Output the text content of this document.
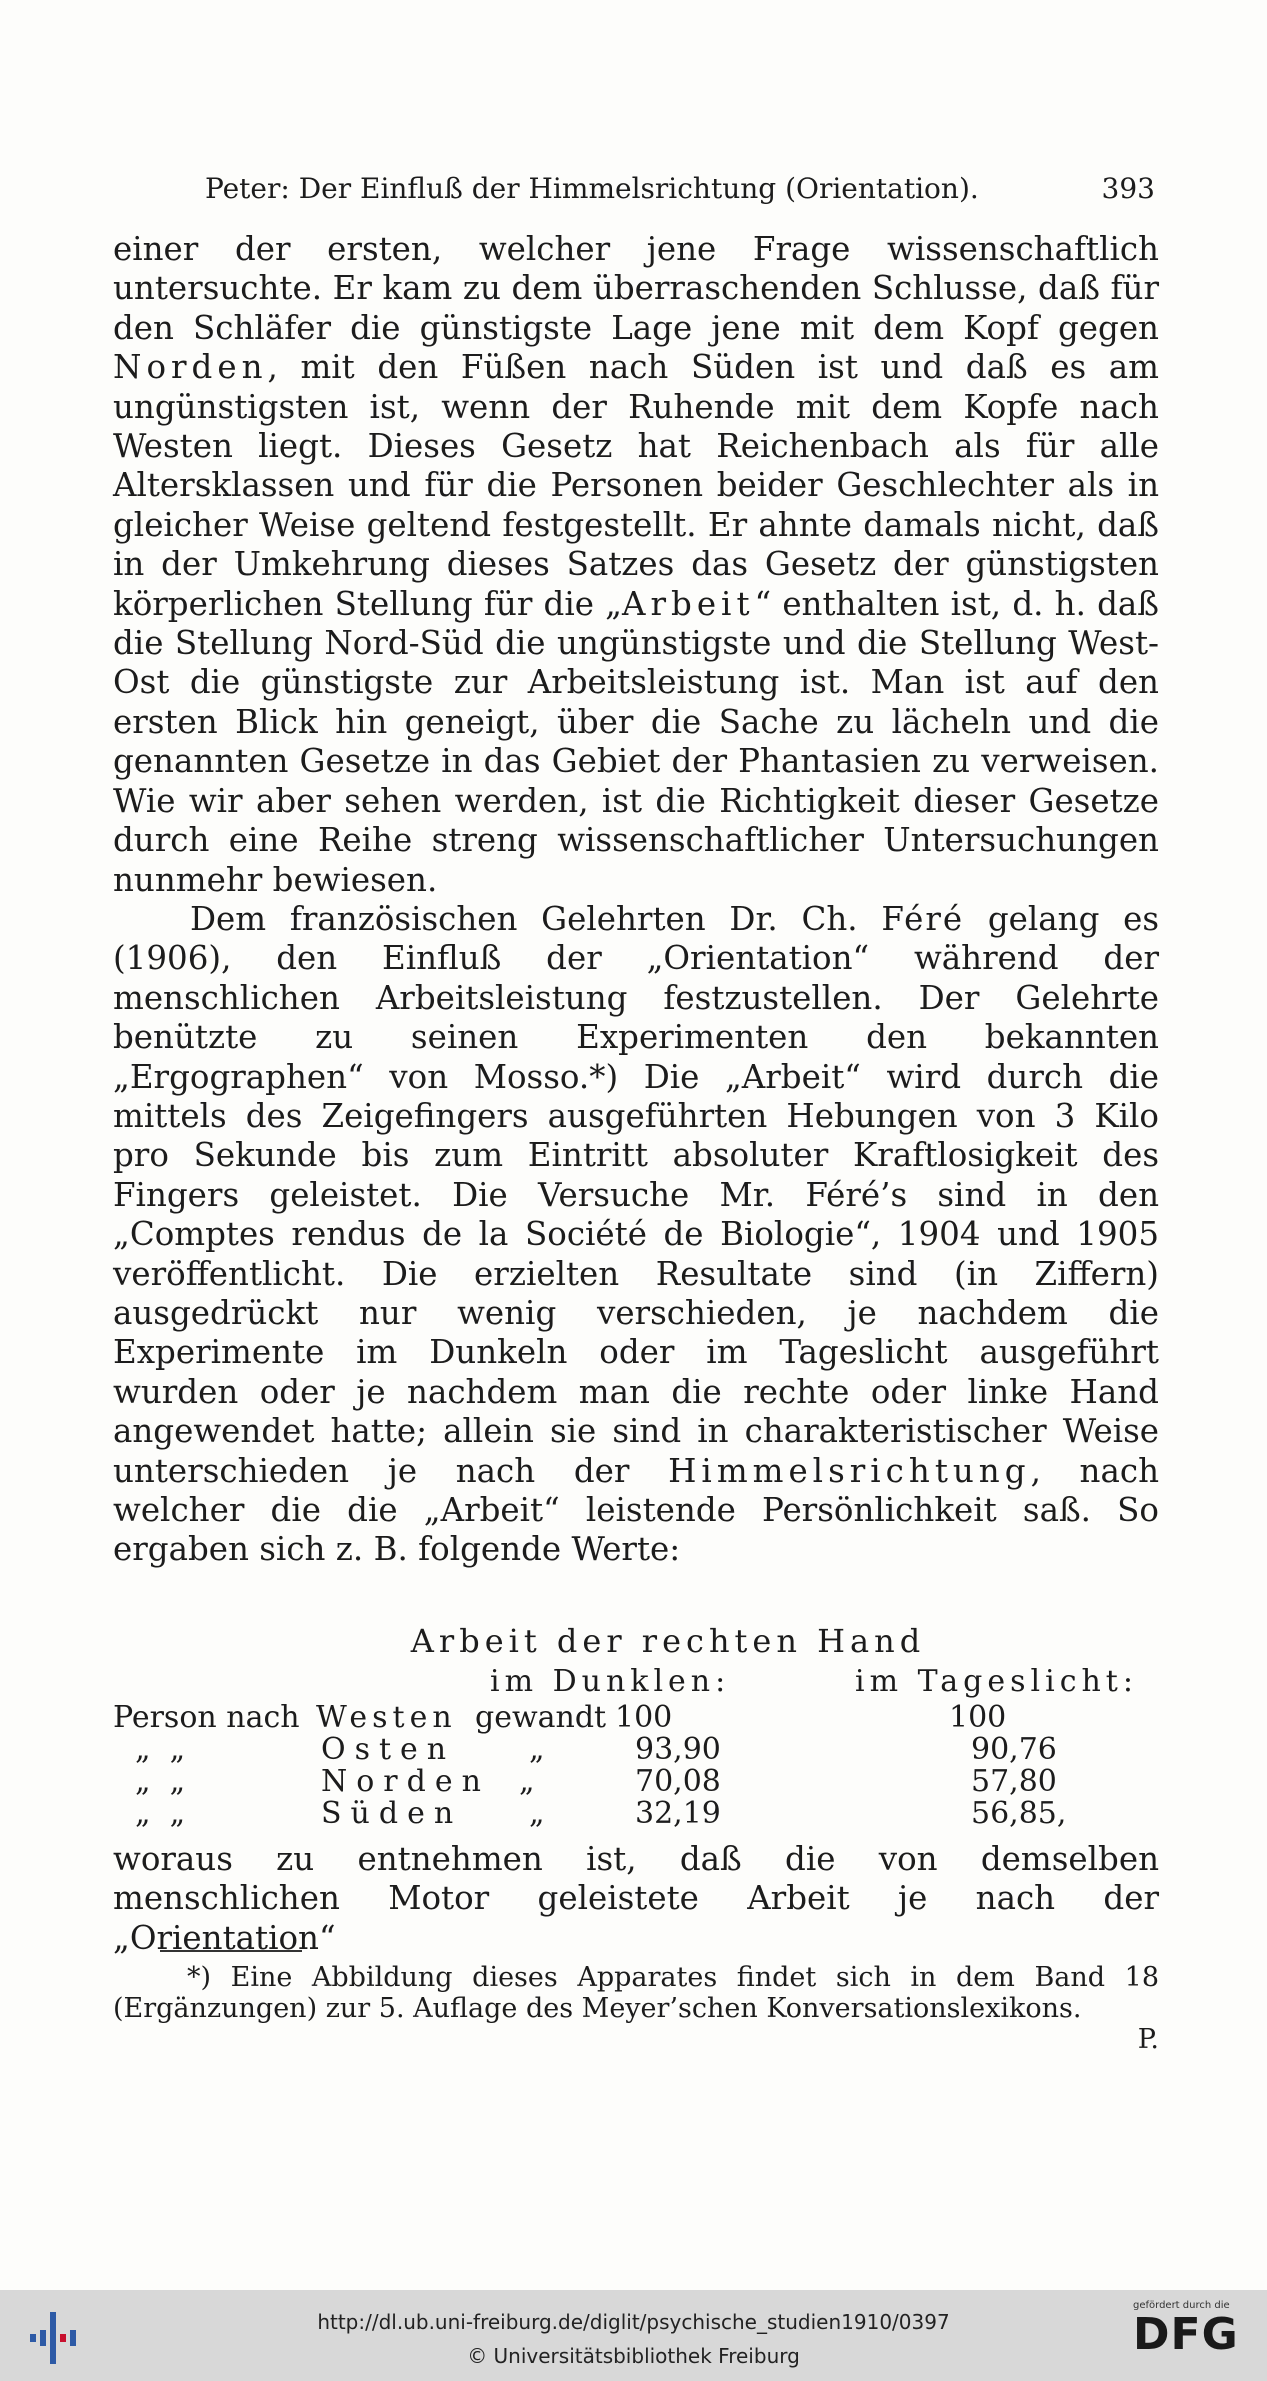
Peter: Der Einfluß der Himmelsrichtung (Orientation).	393

einer der ersten, welcher jene Frage wissenschaftlich untersuchte. Er kam zu dem überraschenden Schlusse, daß für den Schläfer die günstigste Lage jene mit dem Kopf gegen Norden, mit den Füßen nach Süden ist und daß es am ungünstigsten ist, wenn der Ruhende mit dem Kopfe nach Westen liegt. Dieses Gesetz hat Reichenbach als für alle Altersklassen und für die Personen beider Geschlechter als in gleicher Weise geltend festgestellt. Er ahnte damals nicht, daß in der Umkehrung dieses Satzes das Gesetz der günstigsten körperlichen Stellung für die „Arbeit“ enthalten ist, d. h. daß die Stellung Nord-Süd die ungünstigste und die Stellung West-Ost die günstigste zur Arbeitsleistung ist. Man ist auf den ersten Blick hin geneigt, über die Sache zu lächeln und die genannten Gesetze in das Gebiet der Phantasien zu verweisen. Wie wir aber sehen werden, ist die Richtigkeit dieser Gesetze durch eine Reihe streng wissenschaftlicher Untersuchungen nunmehr bewiesen.

Dem französischen Gelehrten Dr. Ch. Féré gelang es (1906), den Einfluß der „Orientation“ während der menschlichen Arbeitsleistung festzustellen. Der Gelehrte benützte zu seinen Experimenten den bekannten „Ergographen“ von Mosso.*) Die „Arbeit“ wird durch die mittels des Zeigefingers ausgeführten Hebungen von 3 Kilo pro Sekunde bis zum Eintritt absoluter Kraftlosigkeit des Fingers geleistet. Die Versuche Mr. Féré’s sind in den „Comptes rendus de la Société de Biologie“, 1904 und 1905 veröffentlicht. Die erzielten Resultate sind (in Ziffern) ausgedrückt nur wenig verschieden, je nachdem die Experimente im Dunkeln oder im Tageslicht ausgeführt wurden oder je nachdem man die rechte oder linke Hand angewendet hatte; allein sie sind in charakteristischer Weise unterschieden je nach der Himmelsrichtung, nach welcher die die „Arbeit“ leistende Persönlichkeit saß. So ergaben sich z. B. folgende Werte:

Arbeit der rechten Hand
im Dunklen:	im Tageslicht:
Person nach Westen gewandt 100	100
„  „	Osten „	93,90	90,76
„  „	Norden „	70,08	57,80
„  „	Süden „	32,19	56,85,
woraus zu entnehmen ist, daß die von demselben menschlichen Motor geleistete Arbeit je nach der „Orientation“
*) Eine Abbildung dieses Apparates findet sich in dem Band 18 (Ergänzungen) zur 5. Auflage des Meyer’schen Konversationslexikons.
P.
http://dl.ub.uni-freiburg.de/diglit/psychische_studien1910/0397
© Universitätsbibliothek Freiburg
gefördert durch die
DFG
